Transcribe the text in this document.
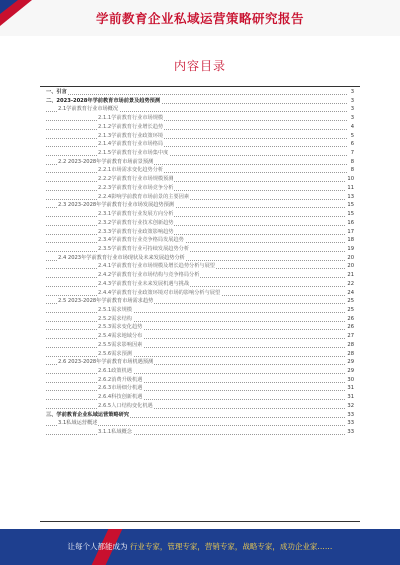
学前教育企业私域运营策略研究报告
内容目录
一、引言	3
二、2023-2028年学前教育市场前景及趋势预测	3
2.1学前教育行业市场概况	3
2.1.1学前教育行业市场规模	3
2.1.2学前教育行业增长趋势	4
2.1.3学前教育行业政策环境	5
2.1.4学前教育行业市场格局	6
2.1.5学前教育行业市场集中度	7
2.2 2023-2028年学前教育市场前景预测	8
2.2.1市场需求变化趋势分析	8
2.2.2学前教育行业市场规模预测	10
2.2.3学前教育行业市场竞争分析	11
2.2.4影响学前教育市场前景的主要因素	13
2.3 2023-2028年学前教育行业市场发展趋势预测	15
2.3.1学前教育行业发展方向分析	15
2.3.2学前教育行业技术创新趋势	16
2.3.3学前教育行业政策影响趋势	17
2.3.4学前教育行业竞争格局发展趋势	18
2.3.5学前教育行业可持续发展趋势分析	19
2.4 2023年学前教育行业市场现状及未来发展趋势分析	20
2.4.1学前教育行业市场规模及增长趋势分析与展望	20
2.4.2学前教育行业市场结构与竞争格局分析	21
2.4.3学前教育行业未来发展机遇与挑战	22
2.4.4学前教育行业政策环境对市场的影响分析与展望	24
2.5 2023-2028年学前教育市场需求趋势	25
2.5.1需求规模	25
2.5.2需求结构	26
2.5.3需求变化趋势	26
2.5.4需求地域分布	27
2.5.5需求影响因素	28
2.5.6需求预测	28
2.6 2023-2028年学前教育市场机遇预测	29
2.6.1政策机遇	29
2.6.2消费升级机遇	30
2.6.3市场细分机遇	31
2.6.4科技创新机遇	31
2.6.5人口结构变化机遇	32
三、学前教育企业私域运营策略研究	33
3.1私域运营概述	33
3.1.1私域概念	33
让每个人都能成为 行业专家，管理专家，营销专家，战略专家，成功企业家……
